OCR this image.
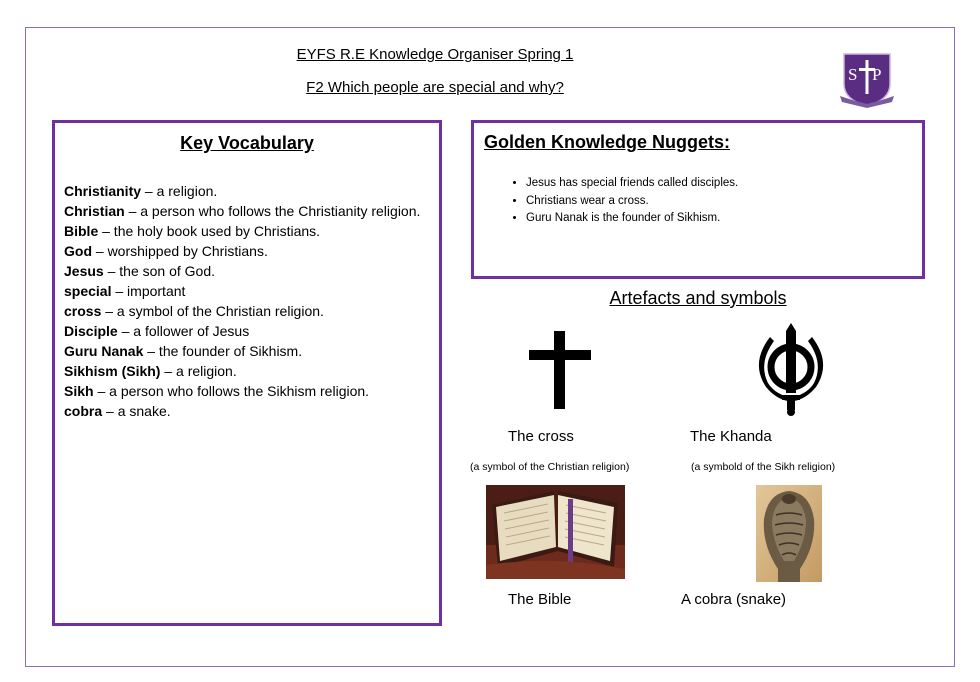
EYFS R.E Knowledge Organiser Spring 1
F2 Which people are special and why?
S P
Key Vocabulary

Christianity – a religion.

Christian – a person who follows the Christianity religion.

Bible – the holy book used by Christians.

God – worshipped by Christians.

Jesus – the son of God.

special – important

cross – a symbol of the Christian religion.

Disciple – a follower of Jesus

Guru Nanak – the founder of Sikhism.

Sikhism (Sikh) – a religion.

Sikh – a person who follows the Sikhism religion.

cobra – a snake.

Golden Knowledge Nuggets:
• Jesus has special friends called disciples.
• Christians wear a cross.
• Guru Nanak is the founder of Sikhism.
Artefacts and symbols
The cross
(a symbol of the Christian religion)
The Khanda
(a symbold of the Sikh religion)
The Bible	A cobra (snake)
